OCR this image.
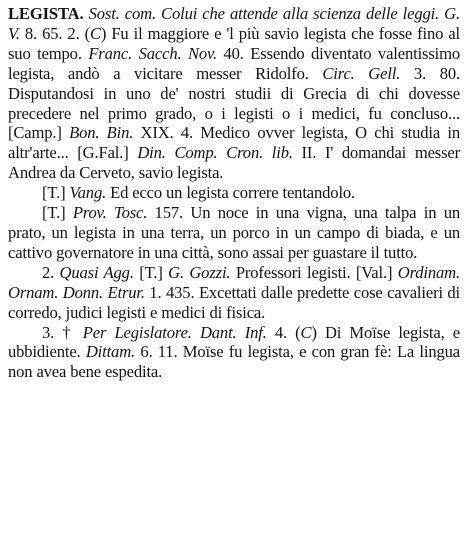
LEGISTA. Sost. com. Colui che attende alla scienza delle leggi. G. V. 8. 65. 2. (C) Fu il maggiore e 'l più savio legista che fosse fino al suo tempo. Franc. Sacch. Nov. 40. Essendo diventato valentissimo legista, andò a vicitare messer Ridolfo. Circ. Gell. 3. 80. Disputandosi in uno de' nostri studii di Grecia di chi dovesse precedere nel primo grado, o i legisti o i medici, fu concluso... [Camp.] Bon. Bin. XIX. 4. Medico ovver legista, O chi studia in altr'arte... [G.Fal.] Din. Comp. Cron. lib. II. I' domandai messer Andrea da Cerveto, savio legista.

[T.] Vang. Ed ecco un legista correre tentandolo.

[T.] Prov. Tosc. 157. Un noce in una vigna, una talpa in un prato, un legista in una terra, un porco in un campo di biada, e un cattivo governatore in una città, sono assai per guastare il tutto.

2. Quasi Agg. [T.] G. Gozzi. Professori legisti. [Val.] Ordinam. Ornam. Donn. Etrur. 1. 435. Excettati dalle predette cose cavalieri di corredo, judici legisti e medici di fisica.

3. † Per Legislatore. Dant. Inf. 4. (C) Di Moïse legista, e ubbidiente. Dittam. 6. 11. Moïse fu legista, e con gran fè: La lingua non avea bene espedita.
